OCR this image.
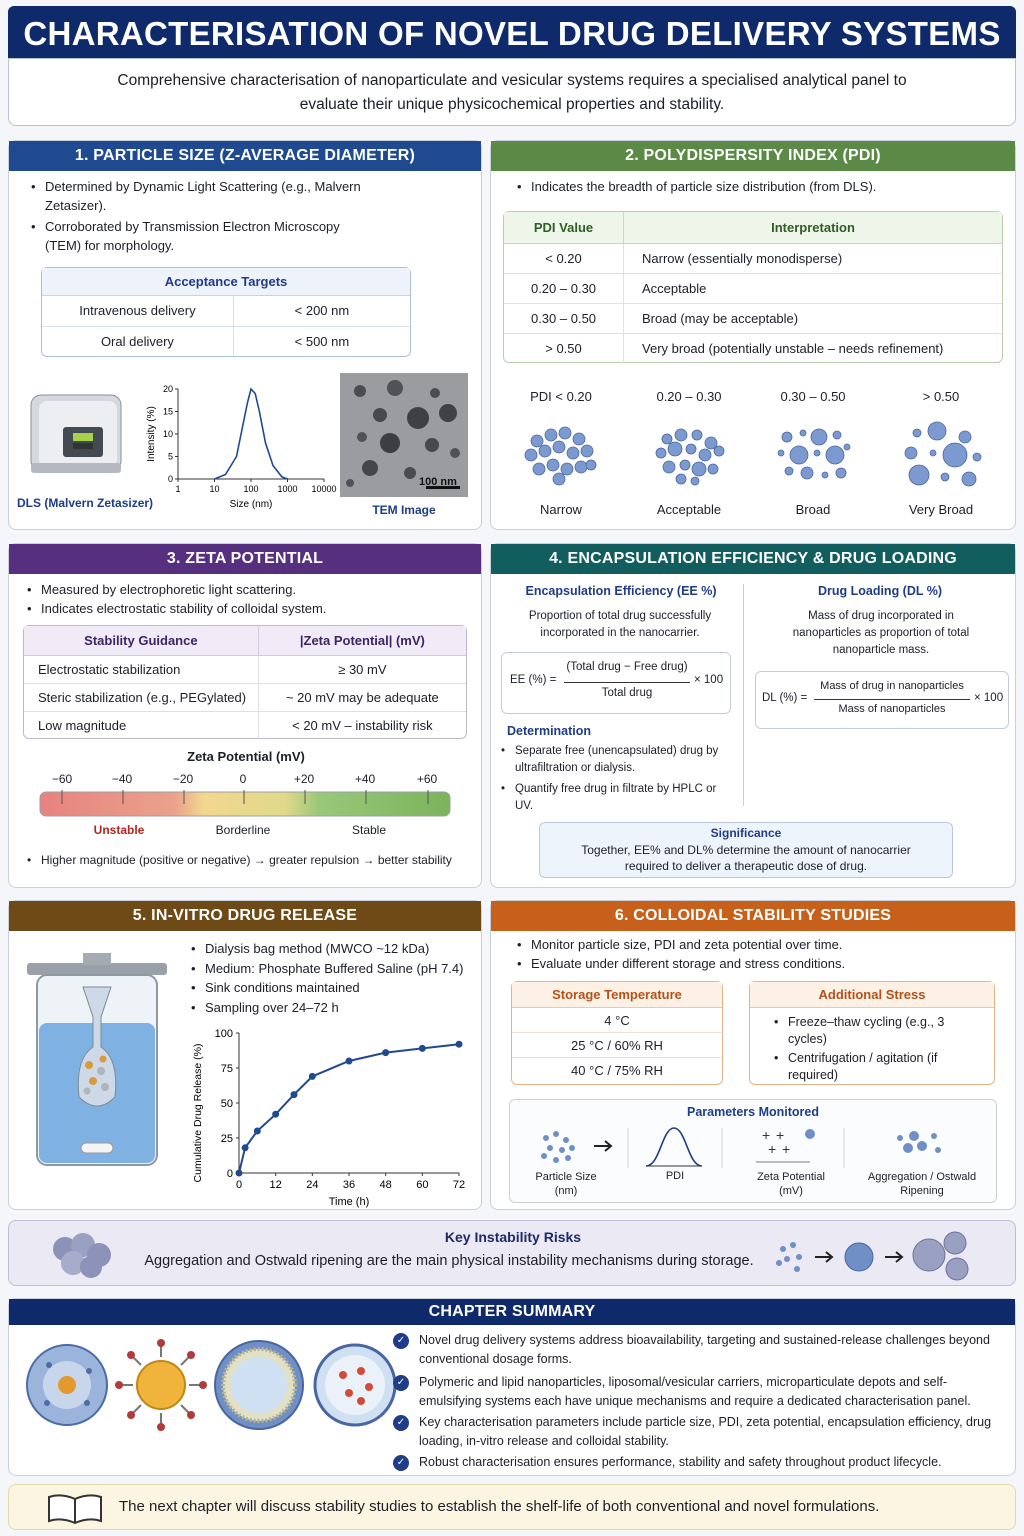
CHARACTERISATION OF NOVEL DRUG DELIVERY SYSTEMS
Comprehensive characterisation of nanoparticulate and vesicular systems requires a specialised analytical panel to evaluate their unique physicochemical properties and stability.
1. PARTICLE SIZE (Z-AVERAGE DIAMETER)
• Determined by Dynamic Light Scattering (e.g., Malvern Zetasizer).
• Corroborated by Transmission Electron Microscopy (TEM) for morphology.
Acceptance Targets
Intravenous delivery	< 200 nm
Oral delivery	< 500 nm
DLS (Malvern Zetasizer)
0
5
10
15
20
1	10	100 1000 10000
Size (nm)
Intensity (%)
100 nm
TEM Image
2. POLYDISPERSITY INDEX (PDI)
• Indicates the breadth of particle size distribution (from DLS).
PDI Value	Interpretation
< 0.20	Narrow (essentially monodisperse)
0.20 – 0.30	Acceptable
0.30 – 0.50	Broad (may be acceptable)
> 0.50	Very broad (potentially unstable – needs refinement)
PDI < 0.20	0.20 – 0.30	0.30 – 0.50	> 0.50
Narrow	Acceptable	Broad	Very Broad
3. ZETA POTENTIAL
• Measured by electrophoretic light scattering.
• Indicates electrostatic stability of colloidal system.
Stability Guidance	|Zeta Potential| (mV)
Electrostatic stabilization	≥ 30 mV
Steric stabilization (e.g., PEGylated)	~ 20 mV may be adequate
Low magnitude	< 20 mV – instability risk
Zeta Potential (mV)
−60	−40	−20	0	+20	+40	+60
Unstable	Borderline	Stable
• Higher magnitude (positive or negative) → greater repulsion → better stability
4. ENCAPSULATION EFFICIENCY & DRUG LOADING
Encapsulation Efficiency (EE %)
Proportion of total drug successfully incorporated in the nanocarrier.
EE (%) =
(Total drug − Free drug)
Total drug
× 100
Determination
• Separate free (unencapsulated) drug by ultrafiltration or dialysis.
• Quantify free drug in filtrate by HPLC or UV.
Drug Loading (DL %)
Mass of drug incorporated in nanoparticles as proportion of total nanoparticle mass.
DL (%) =
Mass of drug in nanoparticles
Mass of nanoparticles
× 100
Significance
Together, EE% and DL% determine the amount of nanocarrier required to deliver a therapeutic dose of drug.
5. IN-VITRO DRUG RELEASE
• Dialysis bag method (MWCO ~12 kDa)
• Medium: Phosphate Buffered Saline (pH 7.4)
• Sink conditions maintained
• Sampling over 24–72 h
0
25
50
75
100
0 12 24 36 48 60 72
Time (h)
Cumulative Drug Release (%)
6. COLLOIDAL STABILITY STUDIES
• Monitor particle size, PDI and zeta potential over time.
• Evaluate under different storage and stress conditions.
Storage Temperature
4 °C
25 °C / 60% RH
40 °C / 75% RH
Additional Stress
• Freeze–thaw cycling (e.g., 3 cycles)
• Centrifugation / agitation (if required)
Parameters Monitored
+ +
+ +
Particle Size (nm)
PDI	Zeta Potential (mV)
Aggregation / Ostwald Ripening
Key Instability Risks
Aggregation and Ostwald ripening are the main physical instability mechanisms during storage.
CHAPTER SUMMARY
✓	Novel drug delivery systems address bioavailability, targeting and sustained-release challenges beyond conventional dosage forms.
✓	Polymeric and lipid nanoparticles, liposomal/vesicular carriers, microparticulate depots and self-emulsifying systems each have unique mechanisms and require a dedicated characterisation panel.
✓	Key characterisation parameters include particle size, PDI, zeta potential, encapsulation efficiency, drug loading, in-vitro release and colloidal stability.
✓	Robust characterisation ensures performance, stability and safety throughout product lifecycle.
The next chapter will discuss stability studies to establish the shelf-life of both conventional and novel formulations.
